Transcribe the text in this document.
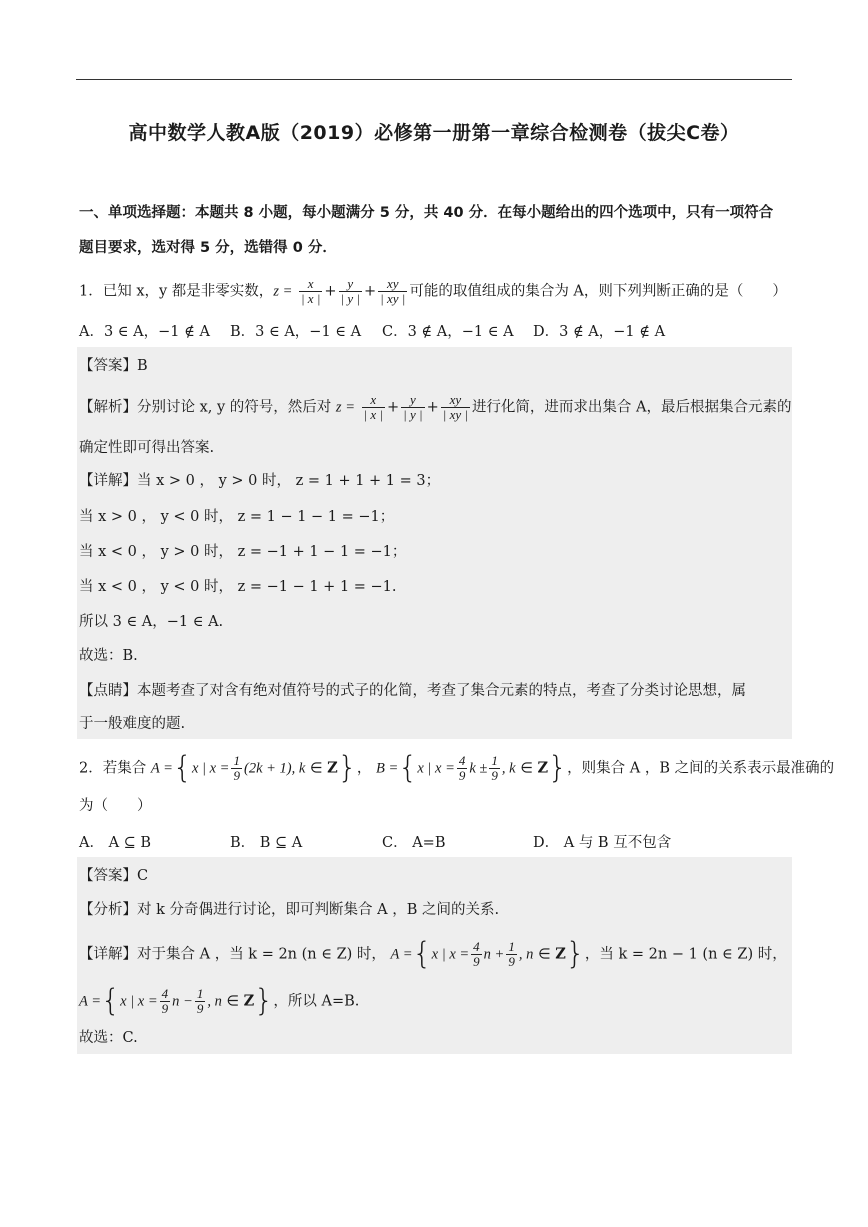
高中数学人教A版（2019）必修第一册第一章综合检测卷（拔尖C卷）
一、单项选择题：本题共 8 小题，每小题满分 5 分，共 40 分．在每小题给出的四个选项中，只有一项符合
题目要求，选对得 5 分，选错得 0 分．
1．已知 x，y 都是非零实数，$z = \frac{x}{| x |} + \frac{y}{| y |} + \frac{xy}{| xy |}$ 可能的取值组成的集合为 A，则下列判断正确的是（　　）
A．3 ∈ A，−1 ∉ A B．3 ∈ A，−1 ∈ A C．3 ∉ A，−1 ∈ A D．3 ∉ A，−1 ∉ A
【答案】B
【解析】分别讨论 x, y 的符号，然后对 $z = \frac{x}{| x |} + \frac{y}{| y |} + \frac{xy}{| xy |}$ 进行化简，进而求出集合 A，最后根据集合元素的
确定性即可得出答案.
【详解】当 x > 0 ， y > 0 时， z = 1 + 1 + 1 = 3；
当 x > 0 ， y < 0 时， z = 1 − 1 − 1 = −1；
当 x < 0 ， y > 0 时， z = −1 + 1 − 1 = −1；
当 x < 0 ， y < 0 时， z = −1 − 1 + 1 = −1.
所以 3 ∈ A，−1 ∈ A.
故选：B.
【点睛】本题考查了对含有绝对值符号的式子的化简，考查了集合元素的特点，考查了分类讨论思想，属
于一般难度的题.
2．若集合 A ={x | $x = \frac{1}{9} (2k + 1)$, k ∈ Z}， B ={x | $x = \frac{4}{9}$ $k \pm \frac{1}{9}$ , k ∈ Z}，则集合 A ，B 之间的关系表示最准确的
为（　　）
A． A ⊆ B	B． B ⊆ A	C． A=B	D． A 与 B 互不包含
【答案】C
【分析】对 k 分奇偶进行讨论，即可判断集合 A ，B 之间的关系.
【详解】对于集合 A ，当 k = 2n (n ∈ Z) 时， A ={x | $x = \frac{4}{9}$ $n + \frac{1}{9}$ , n ∈ Z}，当 k = 2n − 1 (n ∈ Z) 时，
A ={x | $x = \frac{4}{9}$ $n - \frac{1}{9}$ , n ∈ Z}，所以 A=B.
故选：C.
